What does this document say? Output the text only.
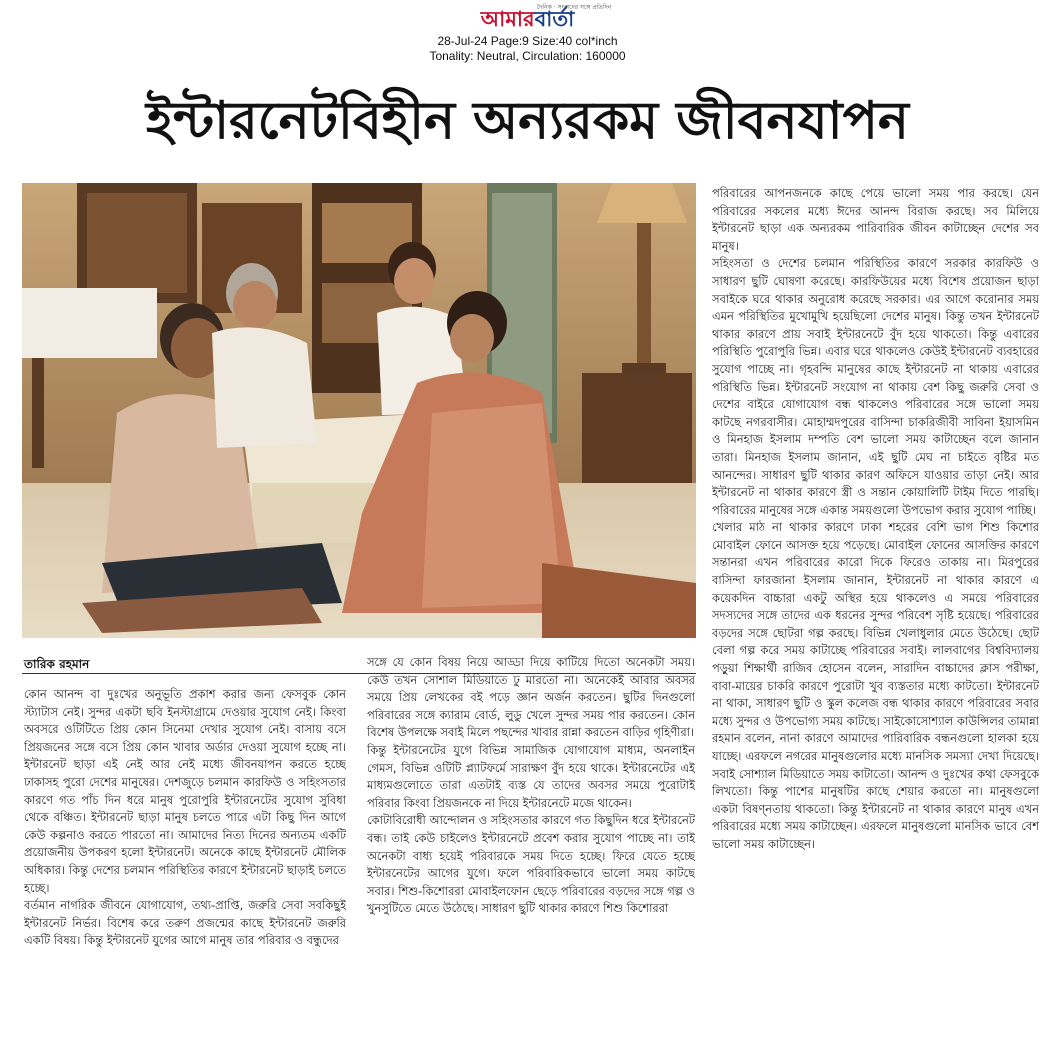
দৈনিক · সংবাদের সঙ্গে প্রতিদিন
আমারবার্তা
28-Jul-24 Page:9 Size:40 col*inch
Tonality: Neutral, Circulation: 160000
ইন্টারনেটবিহীন অন্যরকম জীবনযাপন
তারিক রহমান

কোন আনন্দ বা দুঃখের অনুভূতি প্রকাশ করার জন্য ফেসবুক কোন স্ট্যাটাস নেই। সুন্দর একটা ছবি ইনস্টাগ্রামে দেওয়ার সুযোগ নেই। কিংবা অবসরে ওটিটিতে প্রিয় কোন সিনেমা দেখার সুযোগ নেই। বাসায় বসে প্রিয়জনের সঙ্গে বসে প্রিয় কোন খাবার অর্ডার দেওয়া সুযোগ হচ্ছে না। ইন্টারনেট ছাড়া এই নেই আর নেই মধ্যে জীবনযাপন করতে হচ্ছে ঢাকাসহ পুরো দেশের মানুষের। দেশজুড়ে চলমান কারফিউ ও সহিংসতার কারণে গত পাঁচ দিন ধরে মানুষ পুরোপুরি ইন্টারনেটের সুযোগ সুবিধা থেকে বঞ্চিত। ইন্টারনেট ছাড়া মানুষ চলতে পারে এটা কিছু দিন আগে কেউ কল্পনাও করতে পারতো না। আমাদের নিত্য দিনের অন্যতম একটি প্রয়োজনীয় উপকরণ হলো ইন্টারনেট। অনেকে কাছে ইন্টারনেট মৌলিক অধিকার। কিন্তু দেশের চলমান পরিস্থিতির কারণে ইন্টারনেট ছাড়াই চলতে হচ্ছে।

বর্তমান নাগরিক জীবনে যোগাযোগ, তথ্য-প্রাপ্তি, জরুরি সেবা সবকিছুই ইন্টারনেট নির্ভর। বিশেষ করে তরুণ প্রজন্মের কাছে ইন্টারনেট জরুরি একটি বিষয়। কিন্তু ইন্টারনেট যুগের আগে মানুষ তার পরিবার ও বন্ধুদের

সঙ্গে যে কোন বিষয় নিয়ে আড্ডা দিয়ে কাটিয়ে দিতো অনেকটা সময়। কেউ তখন সোশাল মিডিয়াতে ঢু মারতো না। অনেকেই আবার অবসর সময়ে প্রিয় লেখকের বই পড়ে জ্ঞান অর্জন করতেন। ছুটির দিনগুলো পরিবারের সঙ্গে ক্যারাম বোর্ড, লুডু খেলে সুন্দর সময় পার করতেন। কোন বিশেষ উপলক্ষে সবাই মিলে পছন্দের খাবার রান্না করতেন বাড়ির গৃহিণীরা।

কিন্তু ইন্টারনেটের যুগে বিভিন্ন সামাজিক যোগাযোগ মাধ্যম, অনলাইন গেমস, বিভিন্ন ওটিটি প্ল্যাটফর্মে সারাক্ষণ বুঁদ হয়ে থাকে। ইন্টারনেটের এই মাধ্যমগুলোতে তারা এতটাই ব্যস্ত যে তাদের অবসর সময়ে পুরোটাই পরিবার কিংবা প্রিয়জনকে না দিয়ে ইন্টারনেটে মজে থাকেন।

কোটাবিরোধী আন্দোলন ও সহিংসতার কারণে গত কিছুদিন ধরে ইন্টারনেট বন্ধ। তাই কেউ চাইলেও ইন্টারনেটে প্রবেশ করার সুযোগ পাচ্ছে না। তাই অনেকটা বাধ্য হয়েই পরিবারকে সময় দিতে হচ্ছে। ফিরে যেতে হচ্ছে ইন্টারনেটের আগের যুগে। ফলে পরিবারিকভাবে ভালো সময় কাটছে সবার। শিশু-কিশোররা মোবাইলফোন ছেড়ে পরিবারের বড়দের সঙ্গে গল্প ও খুনসুটিতে মেতে উঠেছে। সাধারণ ছুটি থাকার কারণে শিশু কিশোররা

পরিবারের আপনজনকে কাছে পেয়ে ভালো সময় পার করছে। যেন পরিবারের সকলের মধ্যে ঈদের আনন্দ বিরাজ করছে। সব মিলিয়ে ইন্টারনেট ছাড়া এক অন্যরকম পারিবারিক জীবন কাটাচ্ছেন দেশের সব মানুষ।

সহিংসতা ও দেশের চলমান পরিস্থিতির কারণে সরকার কারফিউ ও সাধারণ ছুটি ঘোষণা করেছে। কারফিউয়ের মধ্যে বিশেষ প্রয়োজন ছাড়া সবাইকে ঘরে থাকার অনুরোধ করেছে সরকার। এর আগে করোনার সময় এমন পরিস্থিতির মুখোমুখি হয়েছিলো দেশের মানুষ। কিন্তু তখন ইন্টারনেট থাকার কারণে প্রায় সবাই ইন্টারনেটে বুঁদ হয়ে থাকতো। কিন্তু এবারের পরিস্থিতি পুরোপুরি ভিন্ন। এবার ঘরে থাকলেও কেউই ইন্টারনেট ব্যবহারের সুযোগ পাচ্ছে না। গৃহবন্দি মানুষের কাছে ইন্টারনেট না থাকায় এবারের পরিস্থিতি ভিন্ন। ইন্টারনেট সংযোগ না থাকায় বেশ কিছু জরুরি সেবা ও দেশের বাইরে যোগাযোগ বন্ধ থাকলেও পরিবারের সঙ্গে ভালো সময় কাটছে নগরবাসীর। মোহাম্মদপুরের বাসিন্দা চাকরিজীবী সাবিনা ইয়াসমিন ও মিনহাজ ইসলাম দম্পতি বেশ ভালো সময় কাটাচ্ছেন বলে জানান তারা। মিনহাজ ইসলাম জানান, এই ছুটি মেঘ না চাইতে বৃষ্টির মত আনন্দের। সাধারণ ছুটি থাকার কারণ অফিসে যাওয়ার তাড়া নেই। আর ইন্টারনেট না থাকার কারণে স্ত্রী ও সন্তান কোয়ালিটি টাইম দিতে পারছি। পরিবারের মানুষের সঙ্গে একান্ত সময়গুলো উপভোগ করার সুযোগ পাচ্ছি।

খেলার মাঠ না থাকার কারণে ঢাকা শহরের বেশি ভাগ শিশু কিশোর মোবাইল ফোনে আসক্ত হয়ে পড়েছে। মোবাইল ফোনের আসক্তির কারণে সন্তানরা এখন পরিবারের কারো দিকে ফিরেও তাকায় না। মিরপুরের বাসিন্দা ফারজানা ইসলাম জানান, ইন্টারনেট না থাকার কারণে এ কয়েকদিন বাচ্চারা একটু অস্থির হয়ে থাকলেও এ সময়ে পরিবারের সদস্যদের সঙ্গে তাদের এক ধরনের সুন্দর পরিবেশ সৃষ্টি হয়েছে। পরিবারের বড়দের সঙ্গে ছোটরা গল্প করছে। বিভিন্ন খেলাধুলার মেতে উঠেছে। ছোট বেলা গল্প করে সময় কাটাচ্ছে পরিবারের সবাই। লালবাগের বিশ্ববিদ্যালয় পড়ুয়া শিক্ষার্থী রাজিব হোসেন বলেন, সারাদিন বাচ্চাদের ক্লাস পরীক্ষা, বাবা-মায়ের চাকরি কারণে পুরোটা খুব ব্যস্ততার মধ্যে কাটতো। ইন্টারনেট না থাকা, সাধারণ ছুটি ও স্কুল কলেজ বন্ধ থাকার কারণে পরিবারের সবার মধ্যে সুন্দর ও উপভোগ্য সময় কাটছে। সাইকোসোশ্যাল কাউন্সিলর তামান্না রহমান বলেন, নানা কারণে আমাদের পারিবারিক বন্ধনগুলো হালকা হয়ে যাচ্ছে। এরফলে নগরের মানুষগুলোর মধ্যে মানসিক সমস্যা দেখা দিয়েছে। সবাই সোশ্যাল মিডিয়াতে সময় কাটাতো। আনন্দ ও দুঃখের কথা ফেসবুকে লিখতো। কিন্তু পাশের মানুষটির কাছে শেয়ার করতো না। মানুষগুলো একটা বিষণ্নতায় থাকতো। কিন্তু ইন্টারনেট না থাকার কারণে মানুষ এখন পরিবারের মধ্যে সময় কাটাচ্ছেন। এরফলে মানুষগুলো মানসিক ভাবে বেশ ভালো সময় কাটাচ্ছেন।
